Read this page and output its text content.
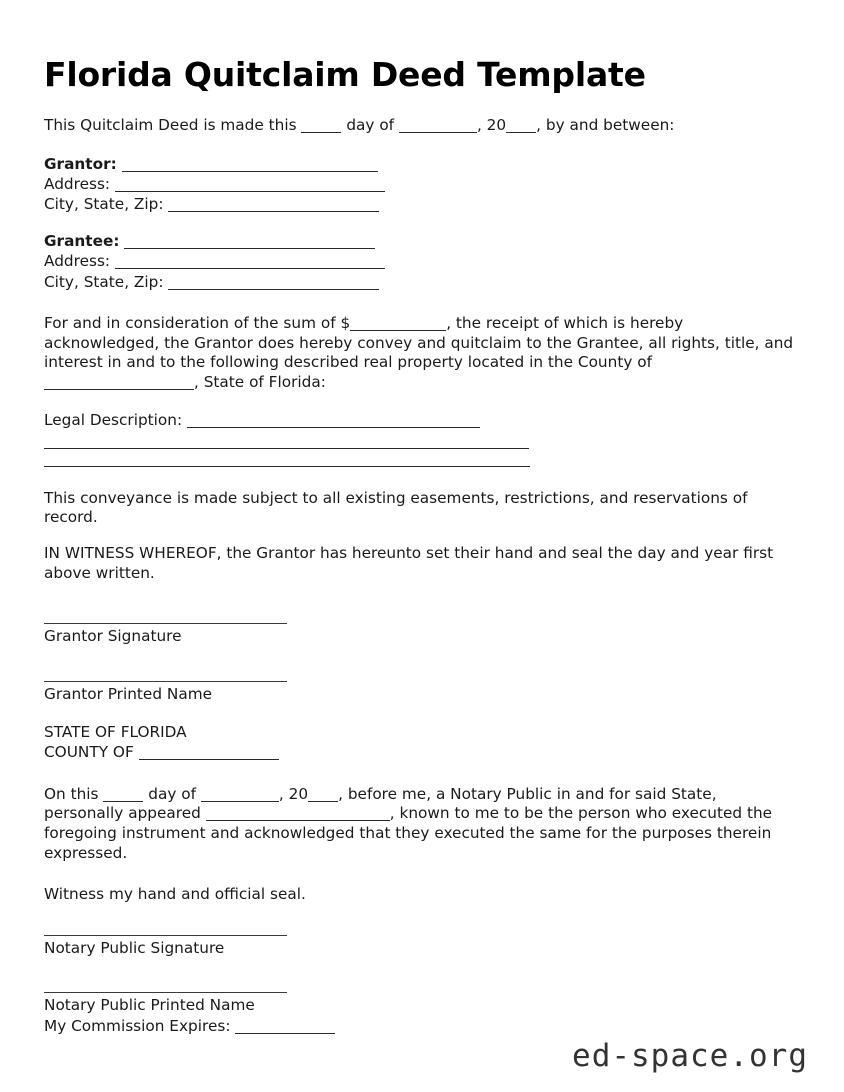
Florida Quitclaim Deed Template

This Quitclaim Deed is made this	day of	, 20 , by and between:

Grantor:
Address:
City, State, Zip:
Grantee:
Address:
City, State, Zip:

For and in consideration of the sum of $	, the receipt of which is hereby acknowledged, the Grantor does hereby convey and quitclaim to the Grantee, all rights, title, and interest in and to the following described real property located in the County of , State of Florida:

Legal Description:

This conveyance is made subject to all existing easements, restrictions, and reservations of record.

IN WITNESS WHEREOF, the Grantor has hereunto set their hand and seal the day and year first above written.

Grantor Signature
Grantor Printed Name
STATE OF FLORIDA
COUNTY OF

On this	day of	, 20 , before me, a Notary Public in and for said State, personally appeared	, known to me to be the person who executed the foregoing instrument and acknowledged that they executed the same for the purposes therein expressed.

Witness my hand and official seal.

Notary Public Signature
Notary Public Printed Name
My Commission Expires:
ed-space.org
